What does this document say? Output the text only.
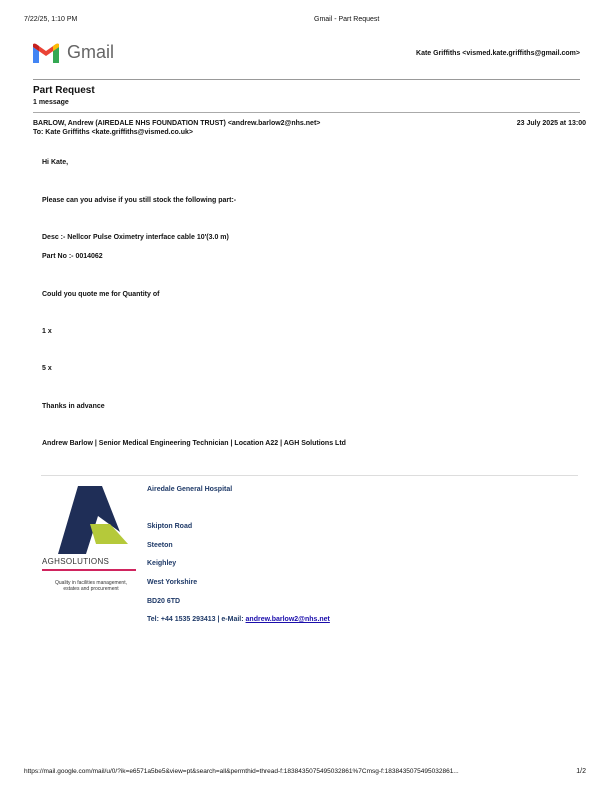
7/22/25, 1:10 PM	Gmail - Part Request
Gmail	Kate Griffiths <vismed.kate.griffiths@gmail.com>
Part Request
1 message
BARLOW, Andrew (AIREDALE NHS FOUNDATION TRUST) <andrew.barlow2@nhs.net>	23 July 2025 at 13:00
To: Kate Griffiths <kate.griffiths@vismed.co.uk>
Hi Kate,
Please can you advise if you still stock the following part:-
Desc :- Nellcor Pulse Oximetry interface cable 10'(3.0 m)
Part No :- 0014062
Could you quote me for Quantity of
1 x
5 x
Thanks in advance
Andrew Barlow | Senior Medical Engineering Technician | Location A22 | AGH Solutions Ltd
AGHSOLUTIONS
Quality in facilities management,
estates and procurement
Airedale General Hospital
Skipton Road
Steeton
Keighley
West Yorkshire
BD20 6TD
Tel: +44 1535 293413 | e-Mail: andrew.barlow2@nhs.net
https://mail.google.com/mail/u/0/?ik=e6571a5be5&view=pt&search=all&permthid=thread-f:1838435075495032861%7Cmsg-f:1838435075495032861...	1/2
